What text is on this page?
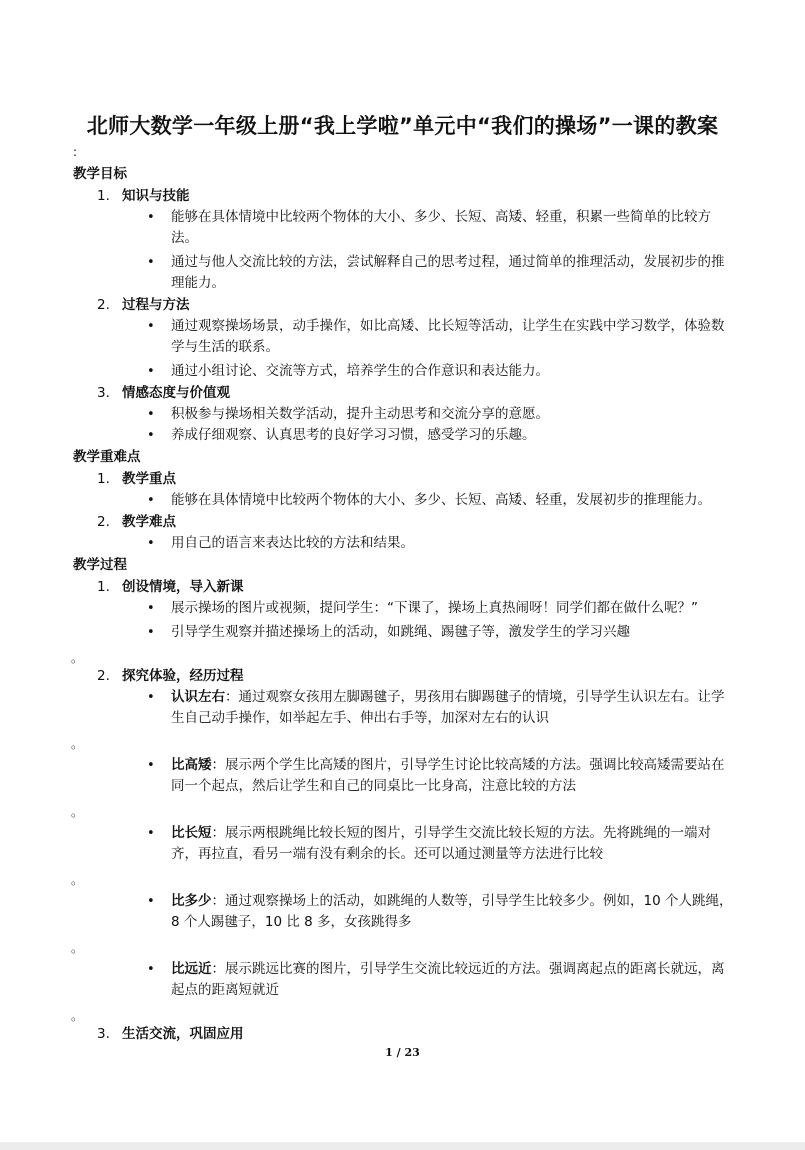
北师大数学一年级上册“我上学啦”单元中“我们的操场”一课的教案
:
教学目标
1. 知识与技能
• 能够在具体情境中比较两个物体的大小、多少、长短、高矮、轻重，积累一些简单的比较方法。
• 通过与他人交流比较的方法，尝试解释自己的思考过程，通过简单的推理活动，发展初步的推理能力。
2. 过程与方法
• 通过观察操场场景，动手操作，如比高矮、比长短等活动，让学生在实践中学习数学，体验数学与生活的联系。
• 通过小组讨论、交流等方式，培养学生的合作意识和表达能力。
3. 情感态度与价值观
• 积极参与操场相关数学活动，提升主动思考和交流分享的意愿。
• 养成仔细观察、认真思考的良好学习习惯，感受学习的乐趣。
教学重难点
1. 教学重点
• 能够在具体情境中比较两个物体的大小、多少、长短、高矮、轻重，发展初步的推理能力。
2. 教学难点
• 用自己的语言来表达比较的方法和结果。
教学过程
1. 创设情境，导入新课
• 展示操场的图片或视频，提问学生：“下课了，操场上真热闹呀！同学们都在做什么呢？”
• 引导学生观察并描述操场上的活动，如跳绳、踢毽子等，激发学生的学习兴趣
。
2. 探究体验，经历过程
• 认识左右：通过观察女孩用左脚踢毽子，男孩用右脚踢毽子的情境，引导学生认识左右。让学生自己动手操作，如举起左手、伸出右手等，加深对左右的认识
。
• 比高矮：展示两个学生比高矮的图片，引导学生讨论比较高矮的方法。强调比较高矮需要站在同一个起点，然后让学生和自己的同桌比一比身高，注意比较的方法
。
• 比长短：展示两根跳绳比较长短的图片，引导学生交流比较长短的方法。先将跳绳的一端对齐，再拉直，看另一端有没有剩余的长。还可以通过测量等方法进行比较
。
• 比多少：通过观察操场上的活动，如跳绳的人数等，引导学生比较多少。例如，10 个人跳绳，8 个人踢毽子，10 比 8 多，女孩跳得多
。
• 比远近：展示跳远比赛的图片，引导学生交流比较远近的方法。强调离起点的距离长就远，离起点的距离短就近
。
3. 生活交流，巩固应用
1 / 23
